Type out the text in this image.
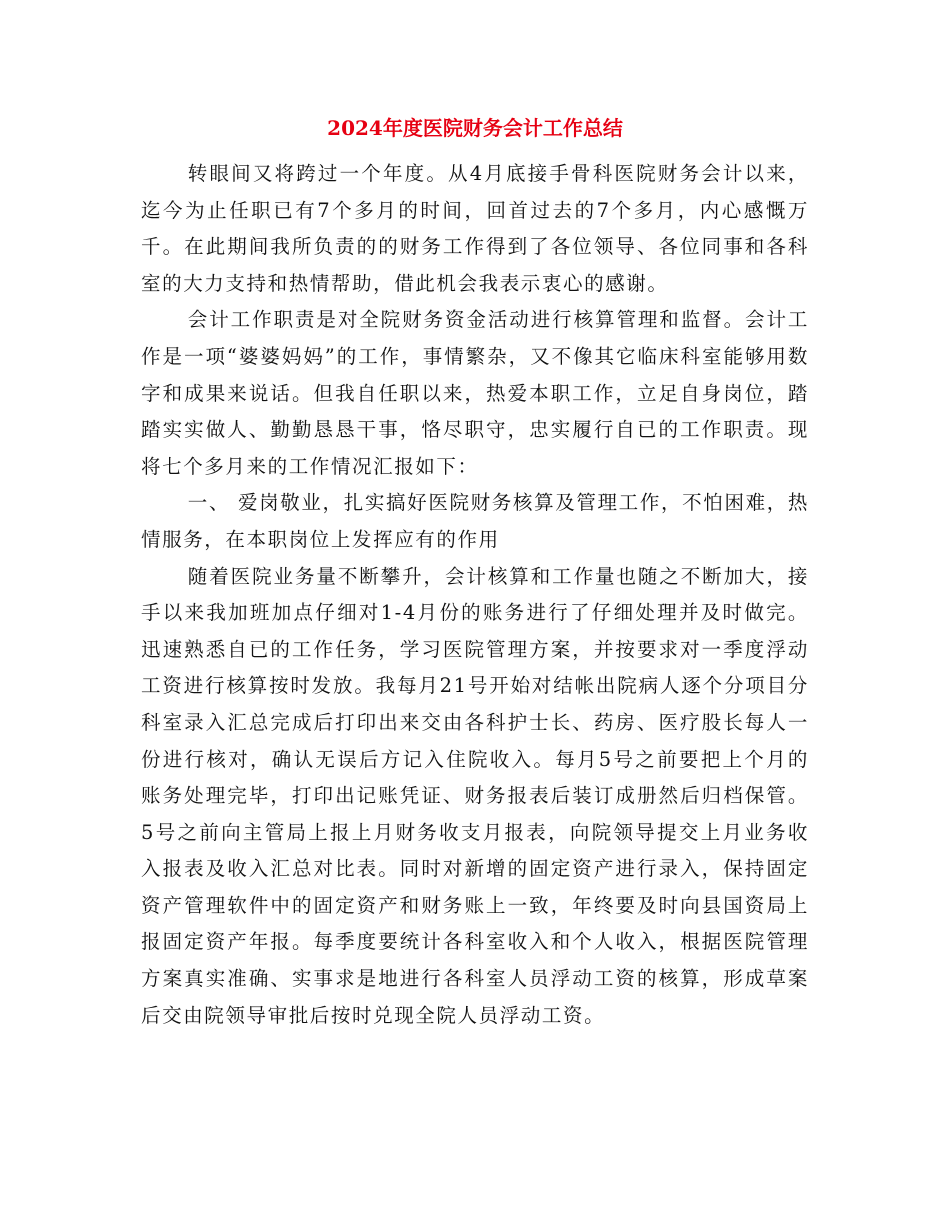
2024年度医院财务会计工作总结

转眼间又将跨过一个年度。从4月底接手骨科医院财务会计以来，迄今为止任职已有7个多月的时间，回首过去的7个多月，内心感慨万千。在此期间我所负责的的财务工作得到了各位领导、各位同事和各科室的大力支持和热情帮助，借此机会我表示衷心的感谢。

会计工作职责是对全院财务资金活动进行核算管理和监督。会计工作是一项“婆婆妈妈”的工作，事情繁杂，又不像其它临床科室能够用数字和成果来说话。但我自任职以来，热爱本职工作，立足自身岗位，踏踏实实做人、勤勤恳恳干事，恪尽职守，忠实履行自已的工作职责。现将七个多月来的工作情况汇报如下：

一、 爱岗敬业，扎实搞好医院财务核算及管理工作，不怕困难，热情服务，在本职岗位上发挥应有的作用

随着医院业务量不断攀升，会计核算和工作量也随之不断加大，接手以来我加班加点仔细对1-4月份的账务进行了仔细处理并及时做完。迅速熟悉自已的工作任务，学习医院管理方案，并按要求对一季度浮动工资进行核算按时发放。我每月21号开始对结帐出院病人逐个分项目分科室录入汇总完成后打印出来交由各科护士长、药房、医疗股长每人一份进行核对，确认无误后方记入住院收入。每月5号之前要把上个月的账务处理完毕，打印出记账凭证、财务报表后装订成册然后归档保管。5号之前向主管局上报上月财务收支月报表，向院领导提交上月业务收入报表及收入汇总对比表。同时对新增的固定资产进行录入，保持固定资产管理软件中的固定资产和财务账上一致，年终要及时向县国资局上报固定资产年报。每季度要统计各科室收入和个人收入，根据医院管理方案真实准确、实事求是地进行各科室人员浮动工资的核算，形成草案后交由院领导审批后按时兑现全院人员浮动工资。
